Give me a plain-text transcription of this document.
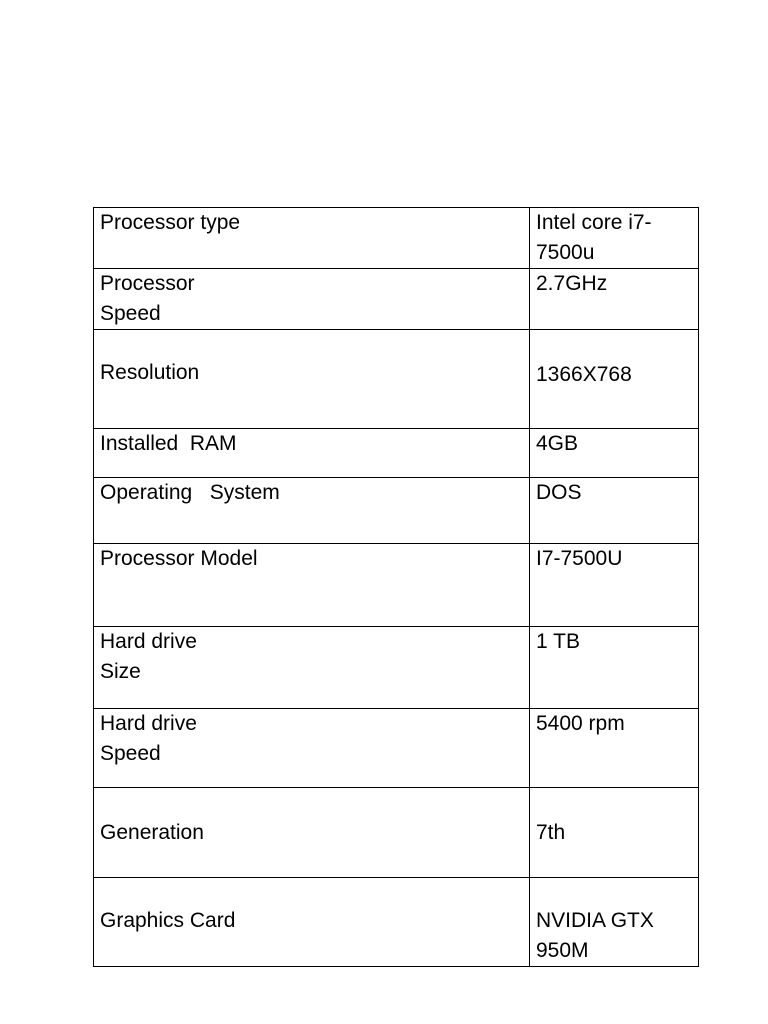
Processor type	Intel core i7-
7500u
Processor
Speed	2.7GHz
Resolution	1366X768
Installed  RAM	4GB
Operating   System	DOS
Processor Model	I7-7500U
Hard drive
Size	1 TB
Hard drive
Speed	5400 rpm
Generation	7th
Graphics Card	NVIDIA GTX
950M
